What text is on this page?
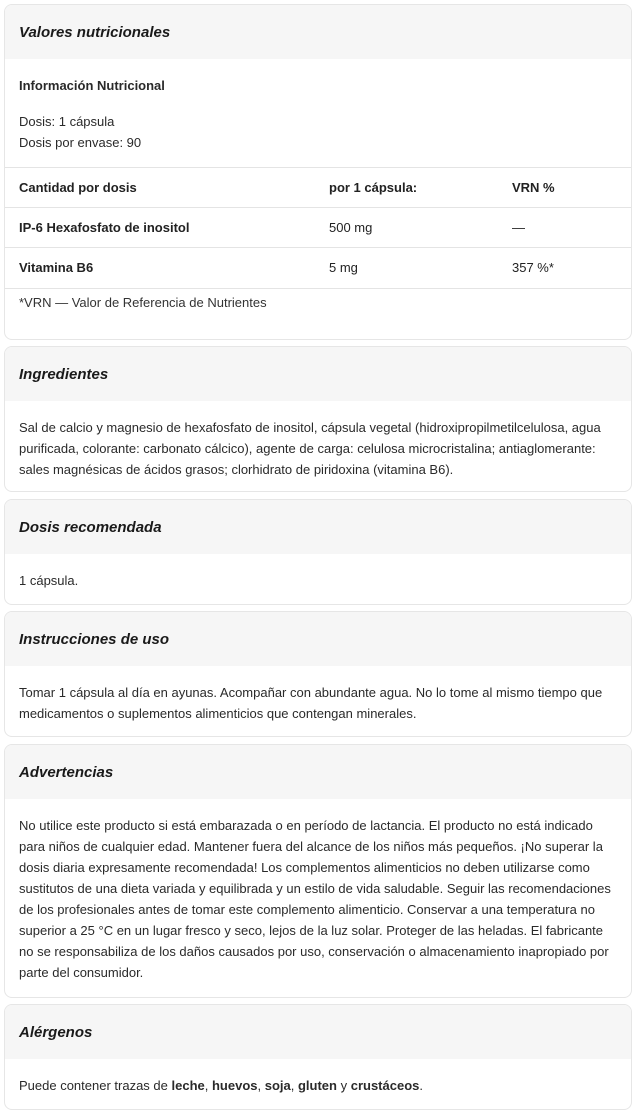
Valores nutricionales
Información Nutricional
Dosis: 1 cápsula
Dosis por envase: 90
Cantidad por dosis	por 1 cápsula:	VRN %
IP-6 Hexafosfato de inositol	500 mg	—
Vitamina B6	5 mg	357 %*
*VRN — Valor de Referencia de Nutrientes
Ingredientes
Sal de calcio y magnesio de hexafosfato de inositol, cápsula vegetal (hidroxipropilmetilcelulosa, agua purificada, colorante: carbonato cálcico), agente de carga: celulosa microcristalina; antiaglomerante: sales magnésicas de ácidos grasos; clorhidrato de piridoxina (vitamina B6).
Dosis recomendada
1 cápsula.
Instrucciones de uso
Tomar 1 cápsula al día en ayunas. Acompañar con abundante agua. No lo tome al mismo tiempo que medicamentos o suplementos alimenticios que contengan minerales.
Advertencias
No utilice este producto si está embarazada o en período de lactancia. El producto no está indicado para niños de cualquier edad. Mantener fuera del alcance de los niños más pequeños. ¡No superar la dosis diaria expresamente recomendada! Los complementos alimenticios no deben utilizarse como sustitutos de una dieta variada y equilibrada y un estilo de vida saludable. Seguir las recomendaciones de los profesionales antes de tomar este complemento alimenticio. Conservar a una temperatura no superior a 25 °C en un lugar fresco y seco, lejos de la luz solar. Proteger de las heladas. El fabricante no se responsabiliza de los daños causados por uso, conservación o almacenamiento inapropiado por parte del consumidor.
Alérgenos
Puede contener trazas de leche, huevos, soja, gluten y crustáceos.
